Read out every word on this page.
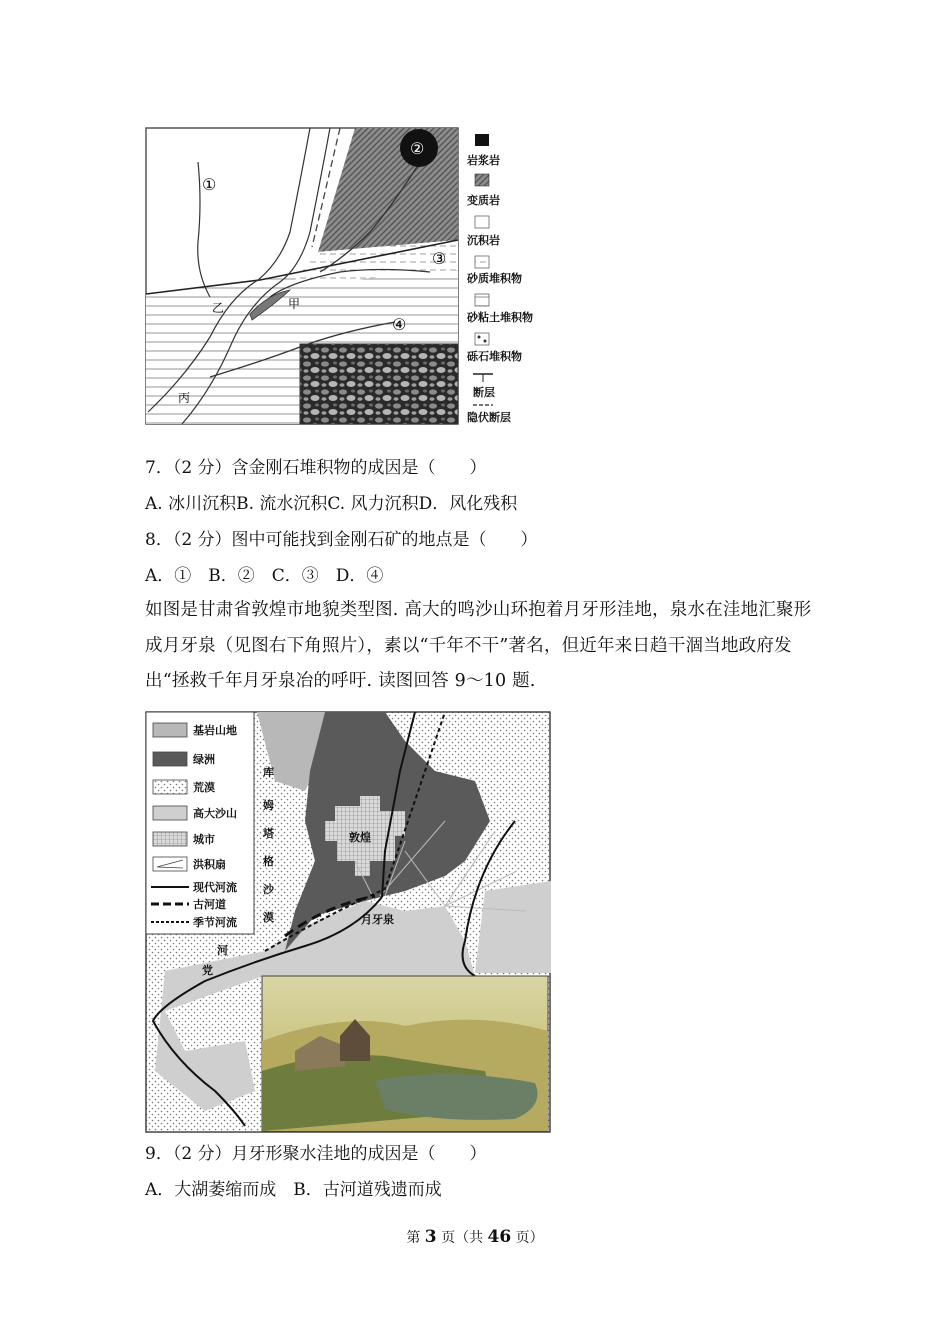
①
②
③
④
甲
乙
丙
岩浆岩
变质岩
沉积岩
砂质堆积物
砂粘土堆积物
砾石堆积物
断层
隐伏断层
7．（2 分）含金刚石堆积物的成因是（　　）
A. 冰川沉积B. 流水沉积C. 风力沉积D．风化残积
8．（2 分）图中可能找到金刚石矿的地点是（　　）
A．①　B．②　C．③　D．④
如图是甘肃省敦煌市地貌类型图. 高大的鸣沙山环抱着月牙形洼地，泉水在洼地汇聚形成月牙泉（见图右下角照片），素以“千年不干”著名，但近年来日趋干涸当地政府发出“拯救千年月牙泉冶的呼吁. 读图回答 9～10 题.
基岩山地
绿洲
荒漠
高大沙山
城市
洪积扇
现代河流
古河道
季节河流
库
姆
塔
格
沙
漠
敦煌
月牙泉
党
河
9．（2 分）月牙形聚水洼地的成因是（　　）
A．大湖萎缩而成　B．古河道残遗而成
第 3 页（共 46 页）
